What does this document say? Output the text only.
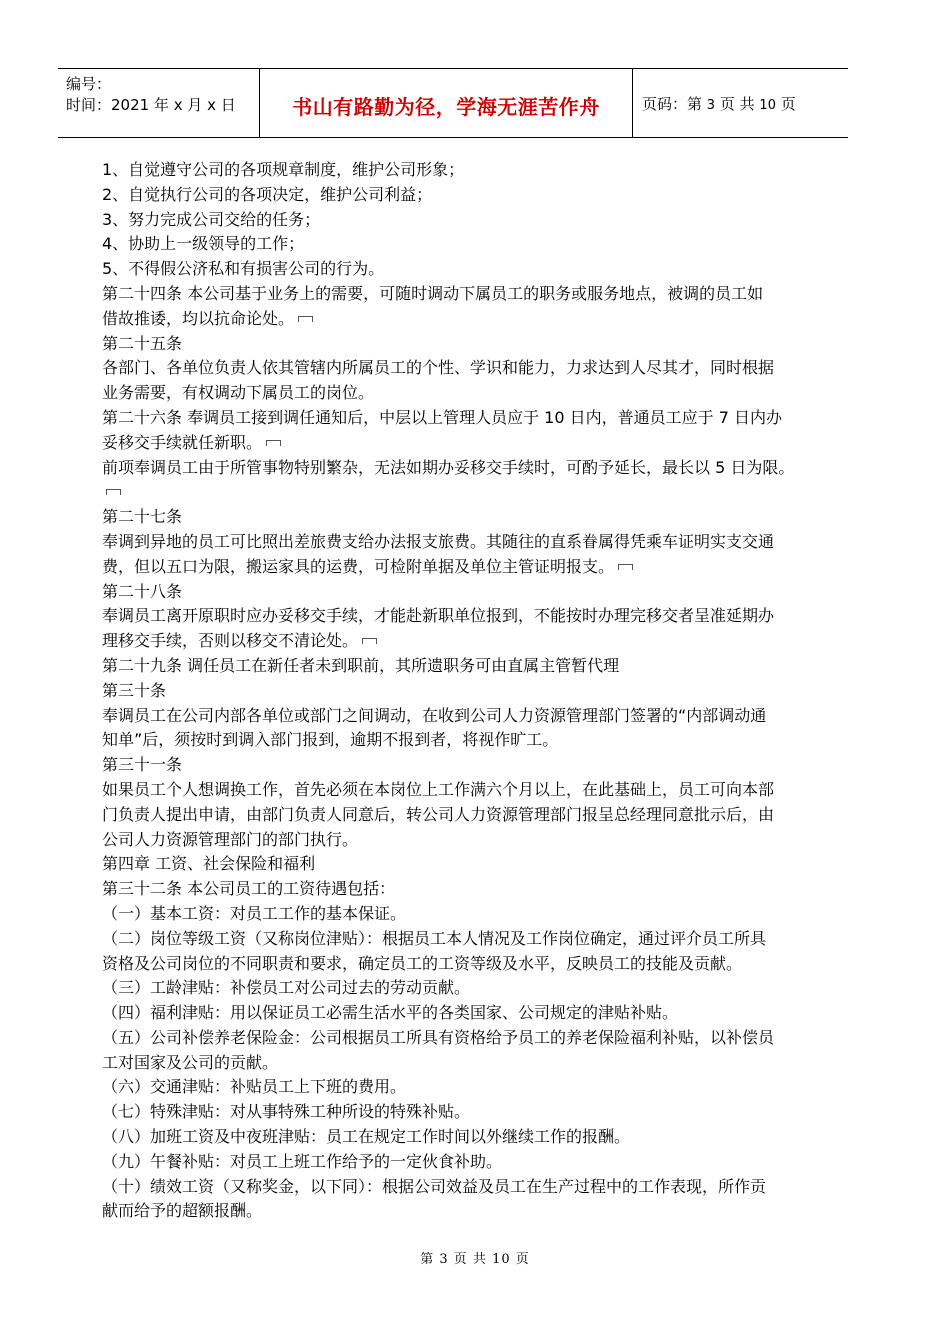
编号：
时间：2021 年 x 月 x 日	书山有路勤为径，学海无涯苦作舟	页码：第 3 页 共 10 页
1、自觉遵守公司的各项规章制度，维护公司形象；
2、自觉执行公司的各项决定，维护公司利益；
3、努力完成公司交给的任务；
4、协助上一级领导的工作；
5、不得假公济私和有损害公司的行为。
第二十四条 本公司基于业务上的需要，可随时调动下属员工的职务或服务地点，被调的员工如
借故推诿，均以抗命论处。
第二十五条
各部门、各单位负责人依其管辖内所属员工的个性、学识和能力，力求达到人尽其才，同时根据
业务需要，有权调动下属员工的岗位。
第二十六条 奉调员工接到调任通知后，中层以上管理人员应于 10 日内，普通员工应于 7 日内办
妥移交手续就任新职。
前项奉调员工由于所管事物特别繁杂，无法如期办妥移交手续时，可酌予延长，最长以 5 日为限。
第二十七条
奉调到异地的员工可比照出差旅费支给办法报支旅费。其随往的直系眷属得凭乘车证明实支交通
费，但以五口为限，搬运家具的运费，可检附单据及单位主管证明报支。
第二十八条
奉调员工离开原职时应办妥移交手续，才能赴新职单位报到，不能按时办理完移交者呈准延期办
理移交手续，否则以移交不清论处。
第二十九条 调任员工在新任者未到职前，其所遗职务可由直属主管暂代理
第三十条
奉调员工在公司内部各单位或部门之间调动，在收到公司人力资源管理部门签署的“内部调动通
知单”后，须按时到调入部门报到，逾期不报到者，将视作旷工。
第三十一条
如果员工个人想调换工作，首先必须在本岗位上工作满六个月以上，在此基础上，员工可向本部
门负责人提出申请，由部门负责人同意后，转公司人力资源管理部门报呈总经理同意批示后，由
公司人力资源管理部门的部门执行。
第四章 工资、社会保险和福利
第三十二条 本公司员工的工资待遇包括：
（一）基本工资：对员工工作的基本保证。
（二）岗位等级工资（又称岗位津贴）：根据员工本人情况及工作岗位确定，通过评介员工所具
资格及公司岗位的不同职责和要求，确定员工的工资等级及水平，反映员工的技能及贡献。
（三）工龄津贴：补偿员工对公司过去的劳动贡献。
（四）福利津贴：用以保证员工必需生活水平的各类国家、公司规定的津贴补贴。
（五）公司补偿养老保险金：公司根据员工所具有资格给予员工的养老保险福利补贴，以补偿员
工对国家及公司的贡献。
（六）交通津贴：补贴员工上下班的费用。
（七）特殊津贴：对从事特殊工种所设的特殊补贴。
（八）加班工资及中夜班津贴：员工在规定工作时间以外继续工作的报酬。
（九）午餐补贴：对员工上班工作给予的一定伙食补助。
（十）绩效工资（又称奖金，以下同）：根据公司效益及员工在生产过程中的工作表现，所作贡
献而给予的超额报酬。
第 3 页 共 10 页
